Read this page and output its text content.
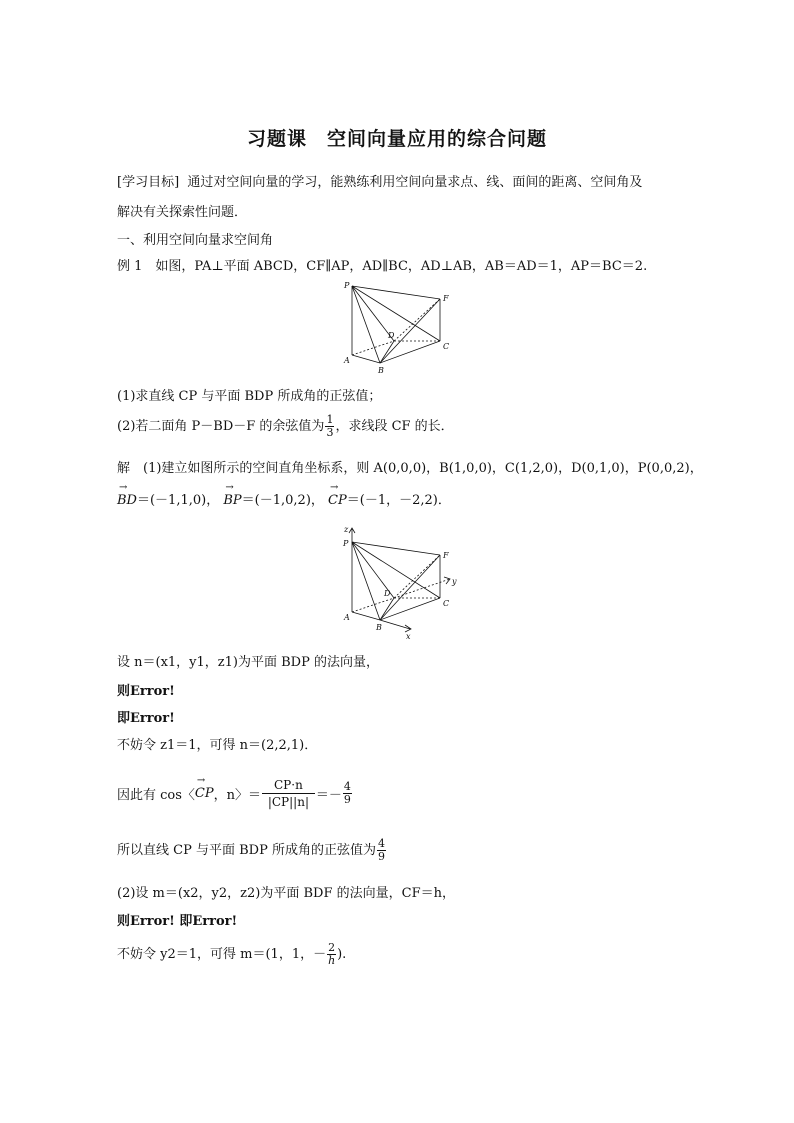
习题课　空间向量应用的综合问题
[学习目标] 通过对空间向量的学习，能熟练利用空间向量求点、线、面间的距离、空间角及
解决有关探索性问题．
一、利用空间向量求空间角
例 1　如图，PA⊥平面 ABCD，CF∥AP，AD∥BC，AD⊥AB，AB＝AD＝1，AP＝BC＝2.
P
F
D
A
B
C
(1)求直线 CP 与平面 BDP 所成角的正弦值；
(2)若二面角 P－BD－F 的余弦值为 $\frac{1}{3}$ ，求线段 CF 的长．
解　(1)建立如图所示的空间直角坐标系，则 A(0,0,0)，B(1,0,0)，C(1,2,0)，D(0,1,0)，P(0,0,2)，
→ BD＝(－1,1,0)， → BP＝(－1,0,2)， → CP＝(－1，－2,2)．
z
P
F
D
y
A
B
C
x
设 n＝(x1，y1，z1)为平面 BDP 的法向量，
则Error!
即Error!
不妨令 z1＝1，可得 n＝(2,2,1)．
因此有 cos〈 → CP ，n〉＝ $\frac{CP\cdot n}{|CP||n|} =- \frac{4}{9}$
所以直线 CP 与平面 BDP 所成角的正弦值为 $\frac{4}{9}$
(2)设 m＝(x2，y2，z2)为平面 BDF 的法向量，CF＝h，
则Error! 即Error!
不妨令 y2＝1，可得 m＝(1，1，－ $\frac{2}{h}$ ).
